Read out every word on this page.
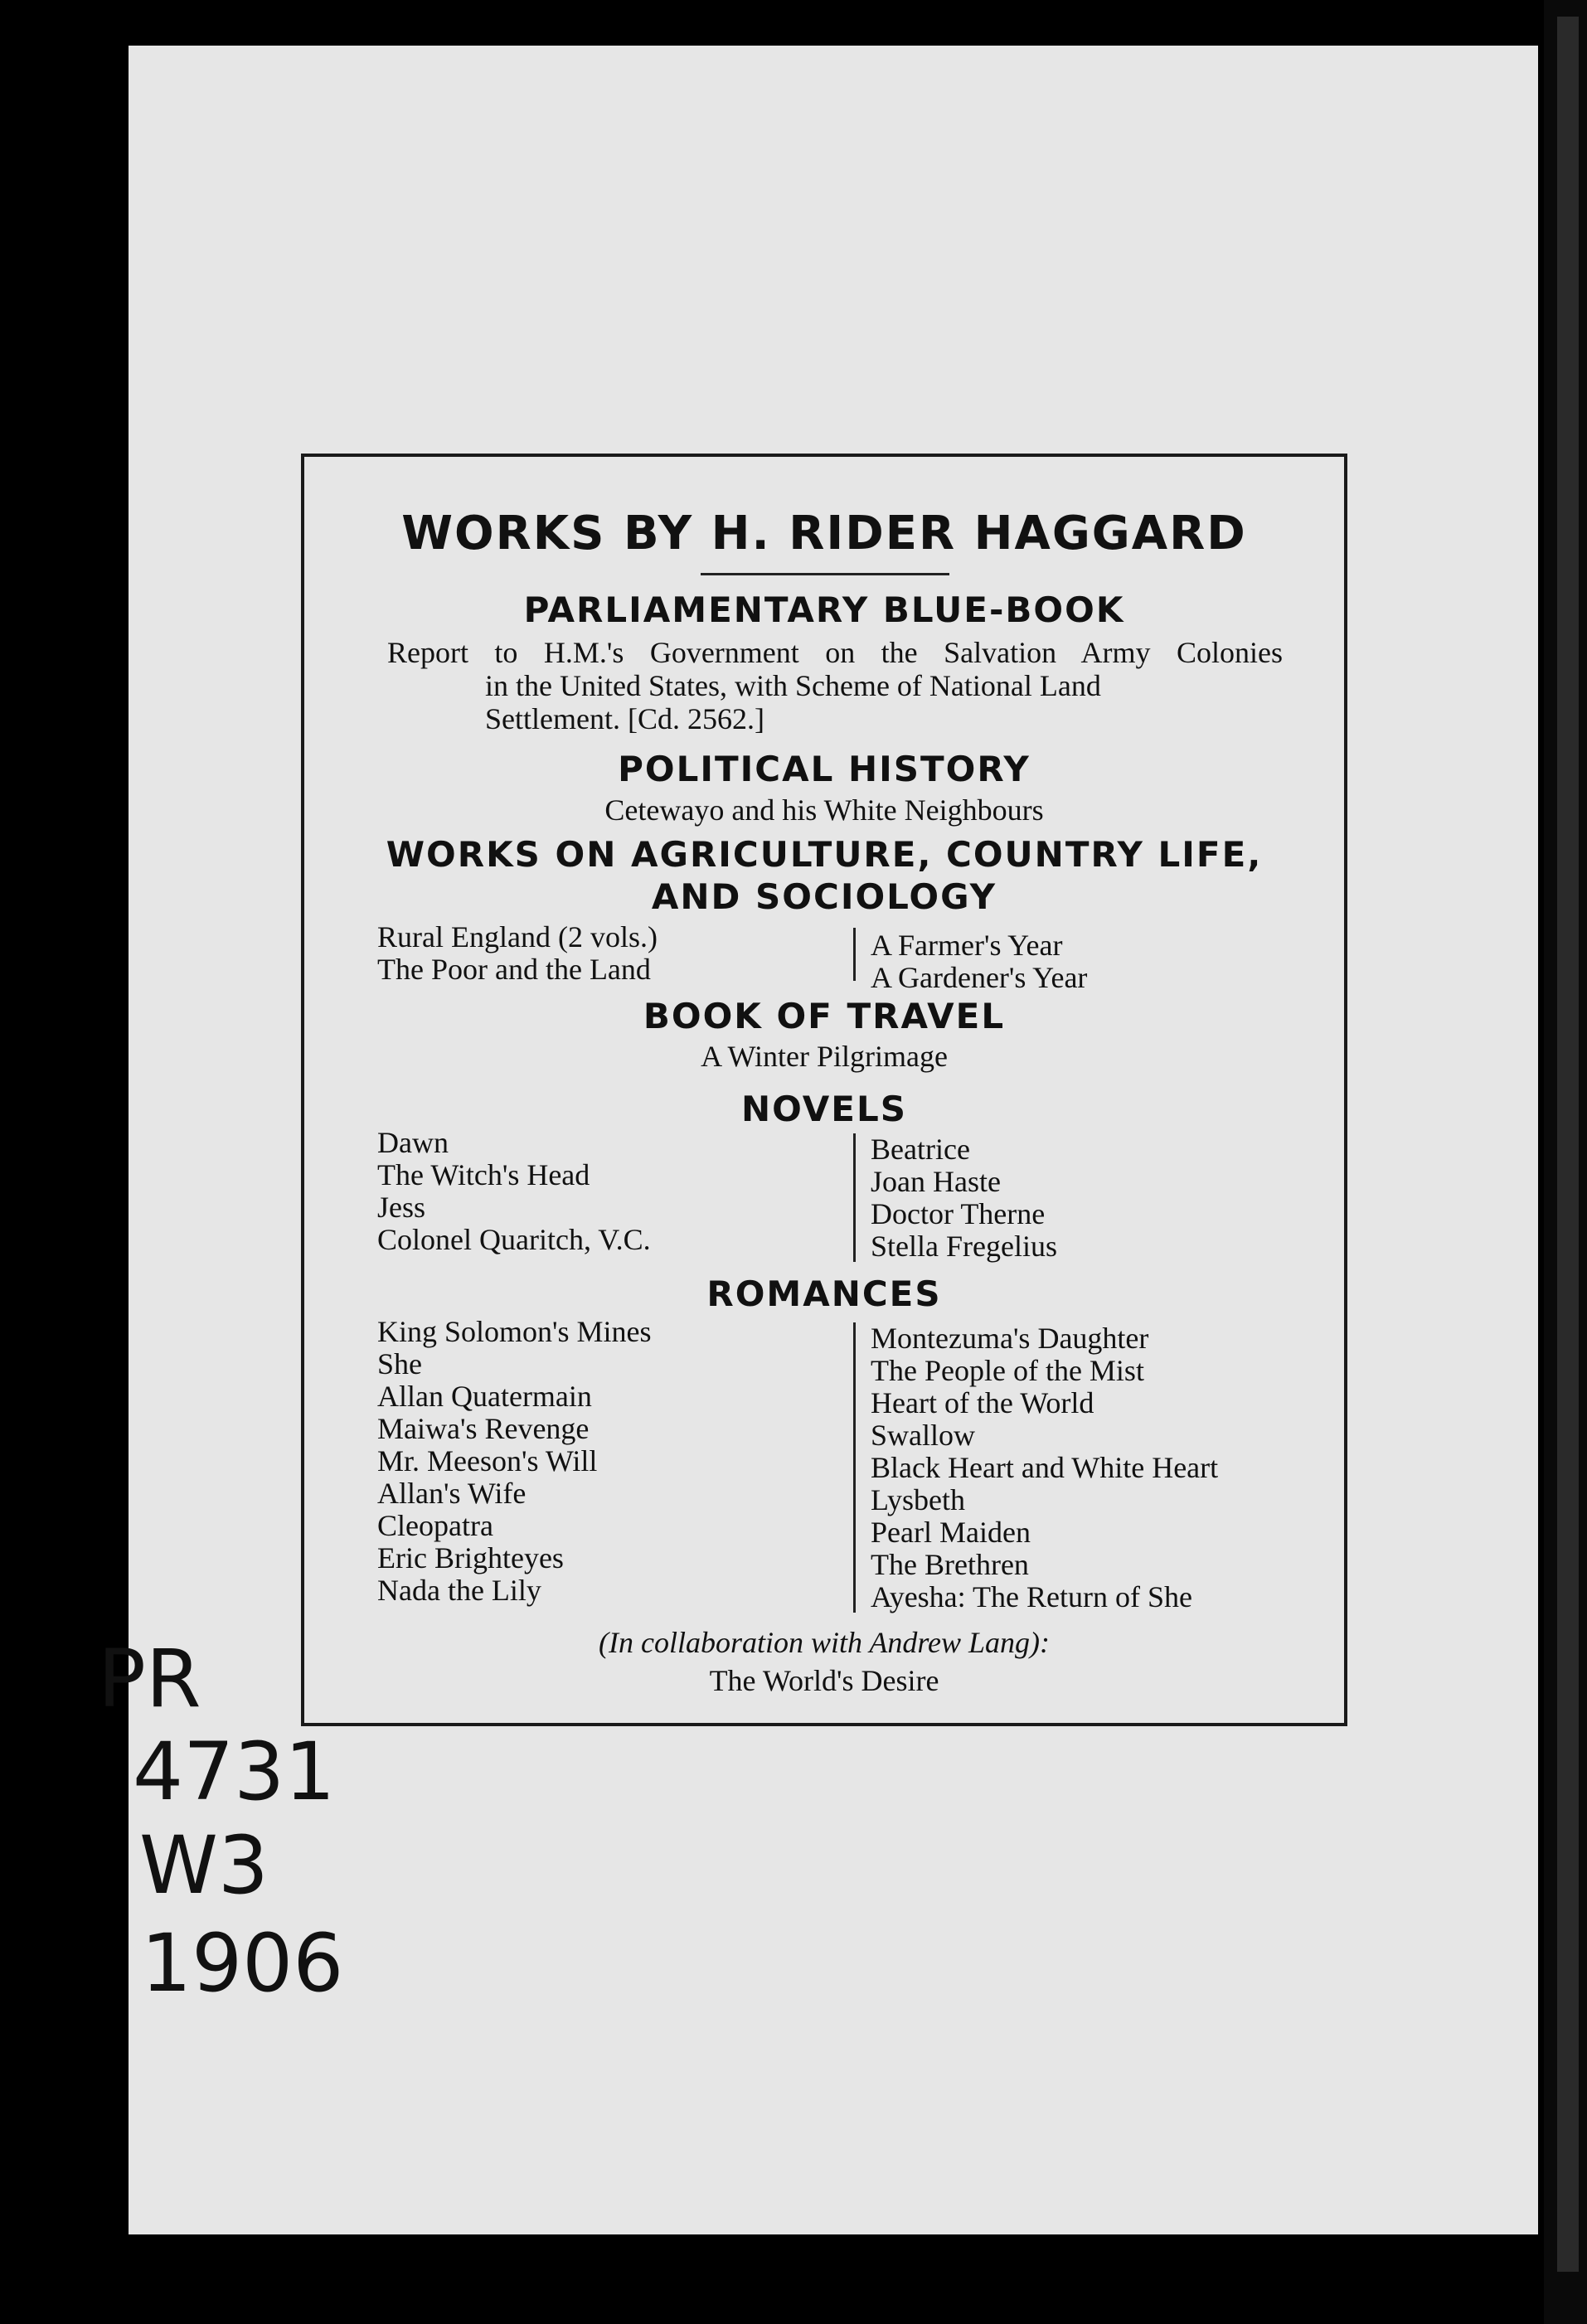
WORKS BY H. RIDER HAGGARD
PARLIAMENTARY BLUE-BOOK

Report to H.M.'s Government on the Salvation Army Colonies

in the United States, with Scheme of National Land

Settlement. [Cd. 2562.]

POLITICAL HISTORY
Cetewayo and his White Neighbours
WORKS ON AGRICULTURE, COUNTRY LIFE,
AND SOCIOLOGY
Rural England (2 vols.)
The Poor and the Land
A Farmer's Year
A Gardener's Year
BOOK OF TRAVEL
A Winter Pilgrimage
NOVELS
Dawn
The Witch's Head
Jess
Colonel Quaritch, V.C.
Beatrice
Joan Haste
Doctor Therne
Stella Fregelius
ROMANCES
King Solomon's Mines
She
Allan Quatermain
Maiwa's Revenge
Mr. Meeson's Will
Allan's Wife
Cleopatra
Eric Brighteyes
Nada the Lily
Montezuma's Daughter
The People of the Mist
Heart of the World
Swallow
Black Heart and White Heart
Lysbeth
Pearl Maiden
The Brethren
Ayesha: The Return of She
(In collaboration with Andrew Lang):
The World's Desire
PR
4731
W3
1906
